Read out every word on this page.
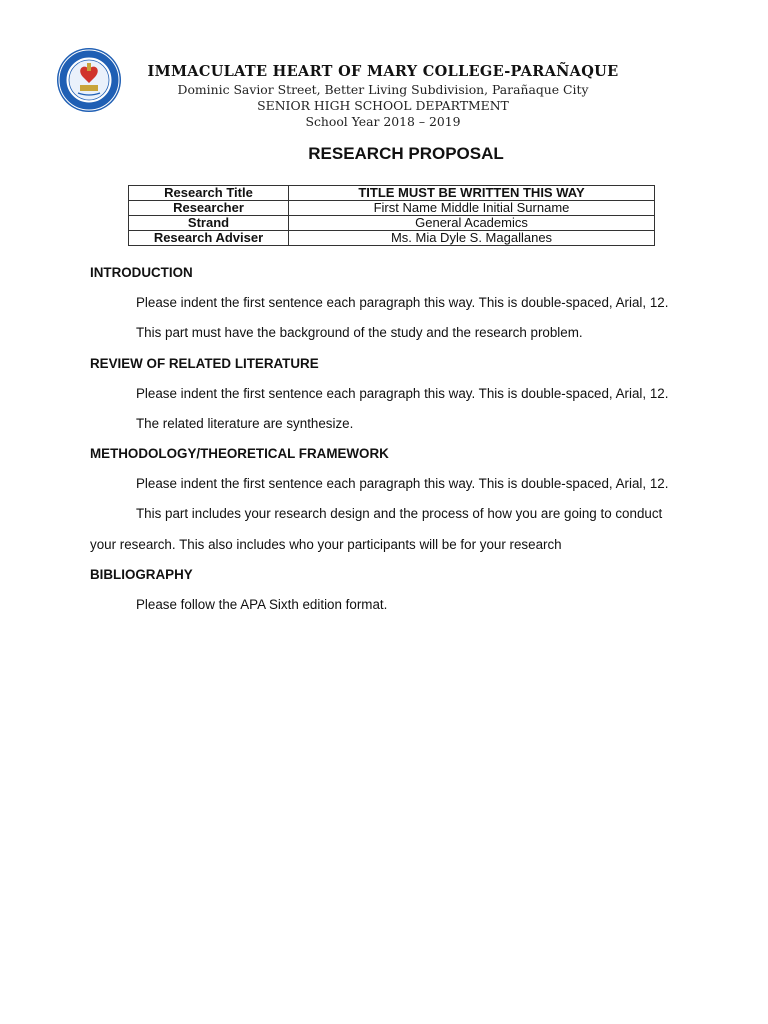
IMMACULATE HEART OF MARY COLLEGE-PARAÑAQUE
Dominic Savior Street, Better Living Subdivision, Parañaque City
SENIOR HIGH SCHOOL DEPARTMENT
School Year 2018 – 2019
RESEARCH PROPOSAL
Research Title	TITLE MUST BE WRITTEN THIS WAY
Researcher	First Name Middle Initial Surname
Strand	General Academics
Research Adviser	Ms. Mia Dyle S. Magallanes
INTRODUCTION

Please indent the first sentence each paragraph this way. This is double-spaced, Arial, 12.

This part must have the background of the study and the research problem.

REVIEW OF RELATED LITERATURE

Please indent the first sentence each paragraph this way. This is double-spaced, Arial, 12.

The related literature are synthesize.

METHODOLOGY/THEORETICAL FRAMEWORK

Please indent the first sentence each paragraph this way. This is double-spaced, Arial, 12.

This part includes your research design and the process of how you are going to conduct your research. This also includes who your participants will be for your research

BIBLIOGRAPHY

Please follow the APA Sixth edition format.
